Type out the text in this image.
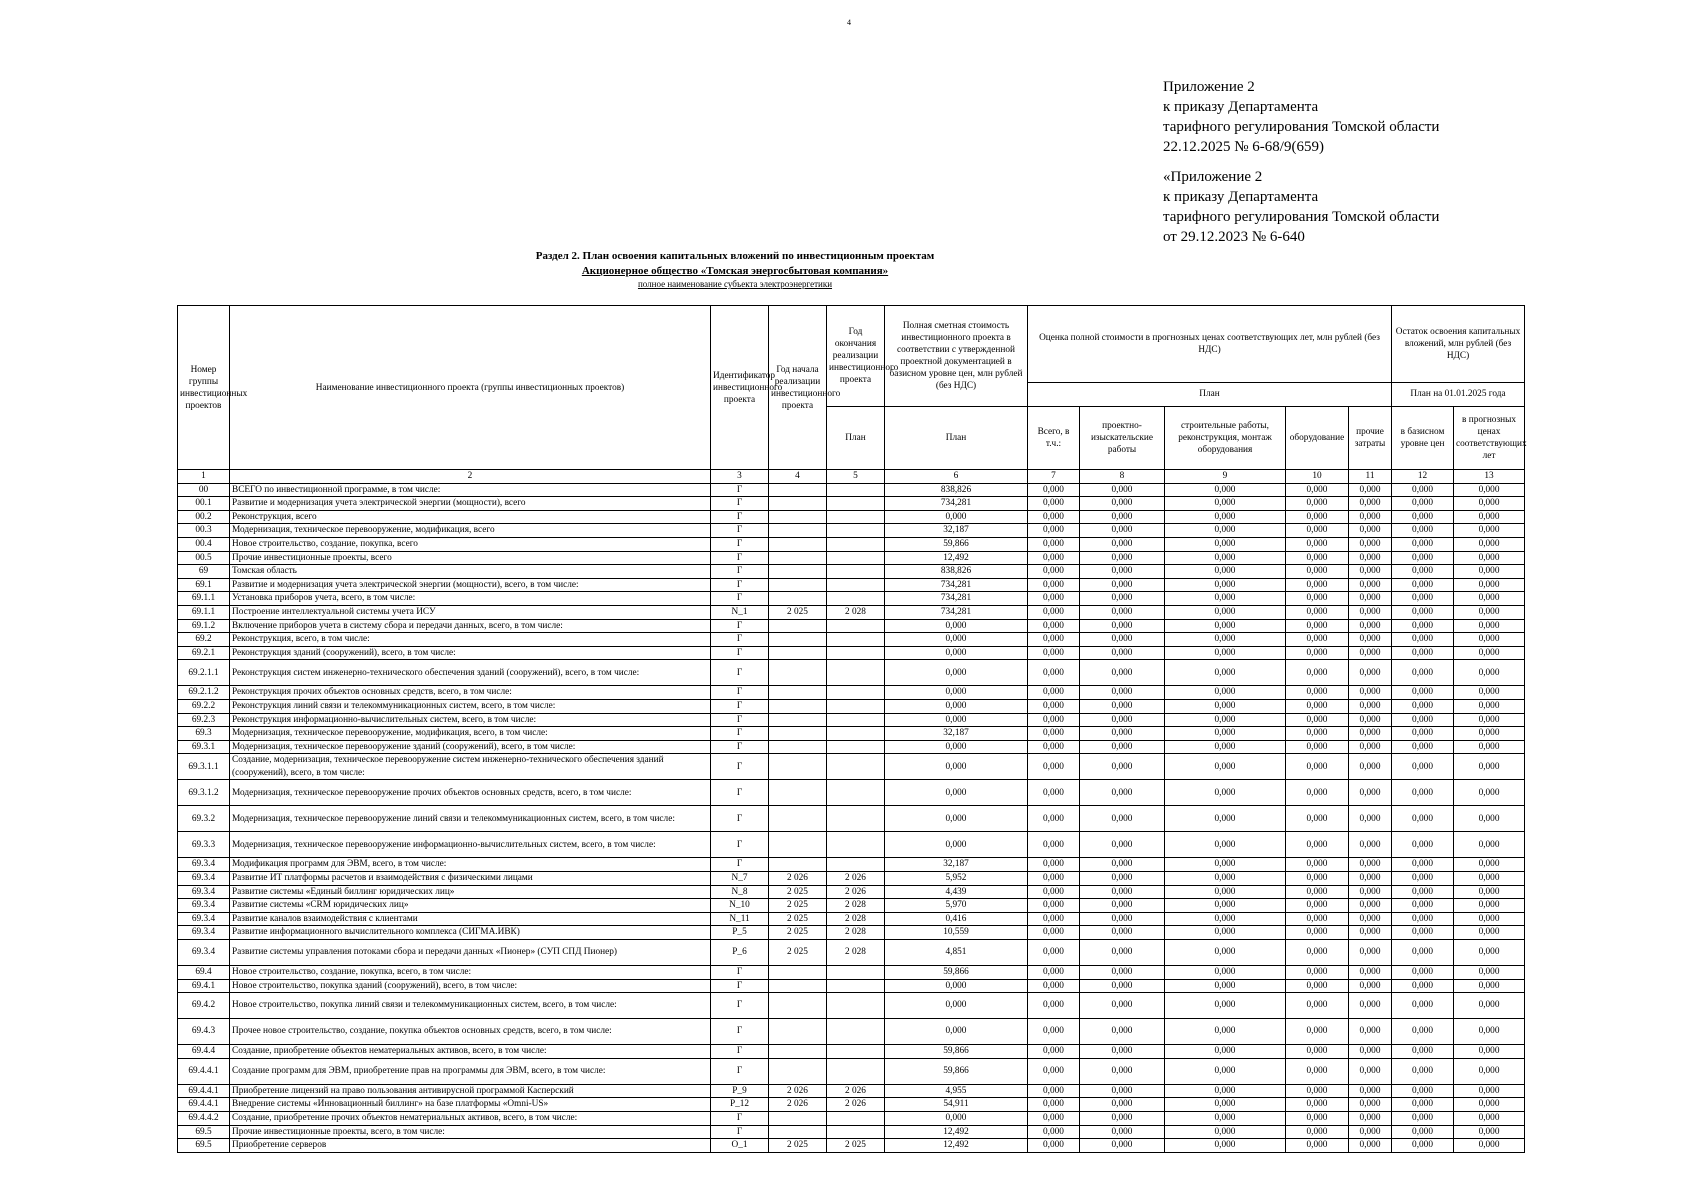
4
Приложение 2
к приказу Департамента
тарифного регулирования Томской области
22.12.2025 № 6-68/9(659)
«Приложение 2
к приказу Департамента
тарифного регулирования Томской области
от 29.12.2023 № 6-640
Раздел 2. План освоения капитальных вложений по инвестиционным проектам
Акционерное общество «Томская энергосбытовая компания»
полное наименование субъекта электроэнергетики
Номер группы инвестиционных проектов	Наименование инвестиционного проекта (группы инвестиционных проектов)	Идентификатор инвестиционного проекта	Год начала реализации инвестиционного проекта	Год окончания реализации инвестиционного проекта	Полная сметная стоимость инвестиционного проекта в соответствии с утвержденной проектной документацией в базисном уровне цен, млн рублей (без НДС)	Оценка полной стоимости в прогнозных ценах соответствующих лет, млн рублей (без НДС)					Остаток освоения капитальных вложений, млн рублей (без НДС)	
						План					План на 01.01.2025 года	
				План	План	Всего, в т.ч.:	проектно-изыскательские работы	строительные работы, реконструкция, монтаж оборудования	оборудование	прочие затраты	в базисном уровне цен	в прогнозных ценах соответствующих лет
1	2	3	4	5	6	7	8	9	10	11	12	13
00	ВСЕГО по инвестиционной программе, в том числе:	Г			838,826	0,000	0,000	0,000	0,000	0,000	0,000	0,000
00.1	Развитие и модернизация учета электрической энергии (мощности), всего	Г			734,281	0,000	0,000	0,000	0,000	0,000	0,000	0,000
00.2	Реконструкция, всего	Г			0,000	0,000	0,000	0,000	0,000	0,000	0,000	0,000
00.3	Модернизация, техническое перевооружение, модификация, всего	Г			32,187	0,000	0,000	0,000	0,000	0,000	0,000	0,000
00.4	Новое строительство, создание, покупка, всего	Г			59,866	0,000	0,000	0,000	0,000	0,000	0,000	0,000
00.5	Прочие инвестиционные проекты, всего	Г			12,492	0,000	0,000	0,000	0,000	0,000	0,000	0,000
69	Томская область	Г			838,826	0,000	0,000	0,000	0,000	0,000	0,000	0,000
69.1	Развитие и модернизация учета электрической энергии (мощности), всего, в том числе:	Г			734,281	0,000	0,000	0,000	0,000	0,000	0,000	0,000
69.1.1	Установка приборов учета, всего, в том числе:	Г			734,281	0,000	0,000	0,000	0,000	0,000	0,000	0,000
69.1.1	Построение интеллектуальной системы учета ИСУ	N_1	2 025	2 028	734,281	0,000	0,000	0,000	0,000	0,000	0,000	0,000
69.1.2	Включение приборов учета в систему сбора и передачи данных, всего, в том числе:	Г			0,000	0,000	0,000	0,000	0,000	0,000	0,000	0,000
69.2	Реконструкция, всего, в том числе:	Г			0,000	0,000	0,000	0,000	0,000	0,000	0,000	0,000
69.2.1	Реконструкция зданий (сооружений), всего, в том числе:	Г			0,000	0,000	0,000	0,000	0,000	0,000	0,000	0,000
69.2.1.1	Реконструкция систем инженерно-технического обеспечения зданий (сооружений), всего, в том числе:	Г			0,000	0,000	0,000	0,000	0,000	0,000	0,000	0,000
69.2.1.2	Реконструкция прочих объектов основных средств, всего, в том числе:	Г			0,000	0,000	0,000	0,000	0,000	0,000	0,000	0,000
69.2.2	Реконструкция линий связи и телекоммуникационных систем, всего, в том числе:	Г			0,000	0,000	0,000	0,000	0,000	0,000	0,000	0,000
69.2.3	Реконструкция информационно-вычислительных систем, всего, в том числе:	Г			0,000	0,000	0,000	0,000	0,000	0,000	0,000	0,000
69.3	Модернизация, техническое перевооружение, модификация, всего, в том числе:	Г			32,187	0,000	0,000	0,000	0,000	0,000	0,000	0,000
69.3.1	Модернизация, техническое перевооружение зданий (сооружений), всего, в том числе:	Г			0,000	0,000	0,000	0,000	0,000	0,000	0,000	0,000
69.3.1.1	Создание, модернизация, техническое перевооружение систем инженерно-технического обеспечения зданий (сооружений), всего, в том числе:	Г			0,000	0,000	0,000	0,000	0,000	0,000	0,000	0,000
69.3.1.2	Модернизация, техническое перевооружение прочих объектов основных средств, всего, в том числе:	Г			0,000	0,000	0,000	0,000	0,000	0,000	0,000	0,000
69.3.2	Модернизация, техническое перевооружение линий связи и телекоммуникационных систем, всего, в том числе:	Г			0,000	0,000	0,000	0,000	0,000	0,000	0,000	0,000
69.3.3	Модернизация, техническое перевооружение информационно-вычислительных систем, всего, в том числе:	Г			0,000	0,000	0,000	0,000	0,000	0,000	0,000	0,000
69.3.4	Модификация программ для ЭВМ, всего, в том числе:	Г			32,187	0,000	0,000	0,000	0,000	0,000	0,000	0,000
69.3.4	Развитие ИТ платформы расчетов и взаимодействия с физическими лицами	N_7	2 026	2 026	5,952	0,000	0,000	0,000	0,000	0,000	0,000	0,000
69.3.4	Развитие системы «Единый биллинг юридических лиц»	N_8	2 025	2 026	4,439	0,000	0,000	0,000	0,000	0,000	0,000	0,000
69.3.4	Развитие системы «CRM юридических лиц»	N_10	2 025	2 028	5,970	0,000	0,000	0,000	0,000	0,000	0,000	0,000
69.3.4	Развитие каналов взаимодействия с клиентами	N_11	2 025	2 028	0,416	0,000	0,000	0,000	0,000	0,000	0,000	0,000
69.3.4	Развитие информационного вычислительного комплекса (СИГМА.ИВК)	P_5	2 025	2 028	10,559	0,000	0,000	0,000	0,000	0,000	0,000	0,000
69.3.4	Развитие системы управления потоками сбора и передачи данных «Пионер» (СУП СПД Пионер)	P_6	2 025	2 028	4,851	0,000	0,000	0,000	0,000	0,000	0,000	0,000
69.4	Новое строительство, создание, покупка, всего, в том числе:	Г			59,866	0,000	0,000	0,000	0,000	0,000	0,000	0,000
69.4.1	Новое строительство, покупка зданий (сооружений), всего, в том числе:	Г			0,000	0,000	0,000	0,000	0,000	0,000	0,000	0,000
69.4.2	Новое строительство, покупка линий связи и телекоммуникационных систем, всего, в том числе:	Г			0,000	0,000	0,000	0,000	0,000	0,000	0,000	0,000
69.4.3	Прочее новое строительство, создание, покупка объектов основных средств, всего, в том числе:	Г			0,000	0,000	0,000	0,000	0,000	0,000	0,000	0,000
69.4.4	Создание, приобретение объектов нематериальных активов, всего, в том числе:	Г			59,866	0,000	0,000	0,000	0,000	0,000	0,000	0,000
69.4.4.1	Создание программ для ЭВМ, приобретение прав на программы для ЭВМ, всего, в том числе:	Г			59,866	0,000	0,000	0,000	0,000	0,000	0,000	0,000
69.4.4.1	Приобретение лицензий на право пользования антивирусной программой Касперский	P_9	2 026	2 026	4,955	0,000	0,000	0,000	0,000	0,000	0,000	0,000
69.4.4.1	Внедрение системы «Инновационный биллинг» на базе платформы «Omni-US»	P_12	2 026	2 026	54,911	0,000	0,000	0,000	0,000	0,000	0,000	0,000
69.4.4.2	Создание, приобретение прочих объектов нематериальных активов, всего, в том числе:	Г			0,000	0,000	0,000	0,000	0,000	0,000	0,000	0,000
69.5	Прочие инвестиционные проекты, всего, в том числе:	Г			12,492	0,000	0,000	0,000	0,000	0,000	0,000	0,000
69.5	Приобретение серверов	O_1	2 025	2 025	12,492	0,000	0,000	0,000	0,000	0,000	0,000	0,000
